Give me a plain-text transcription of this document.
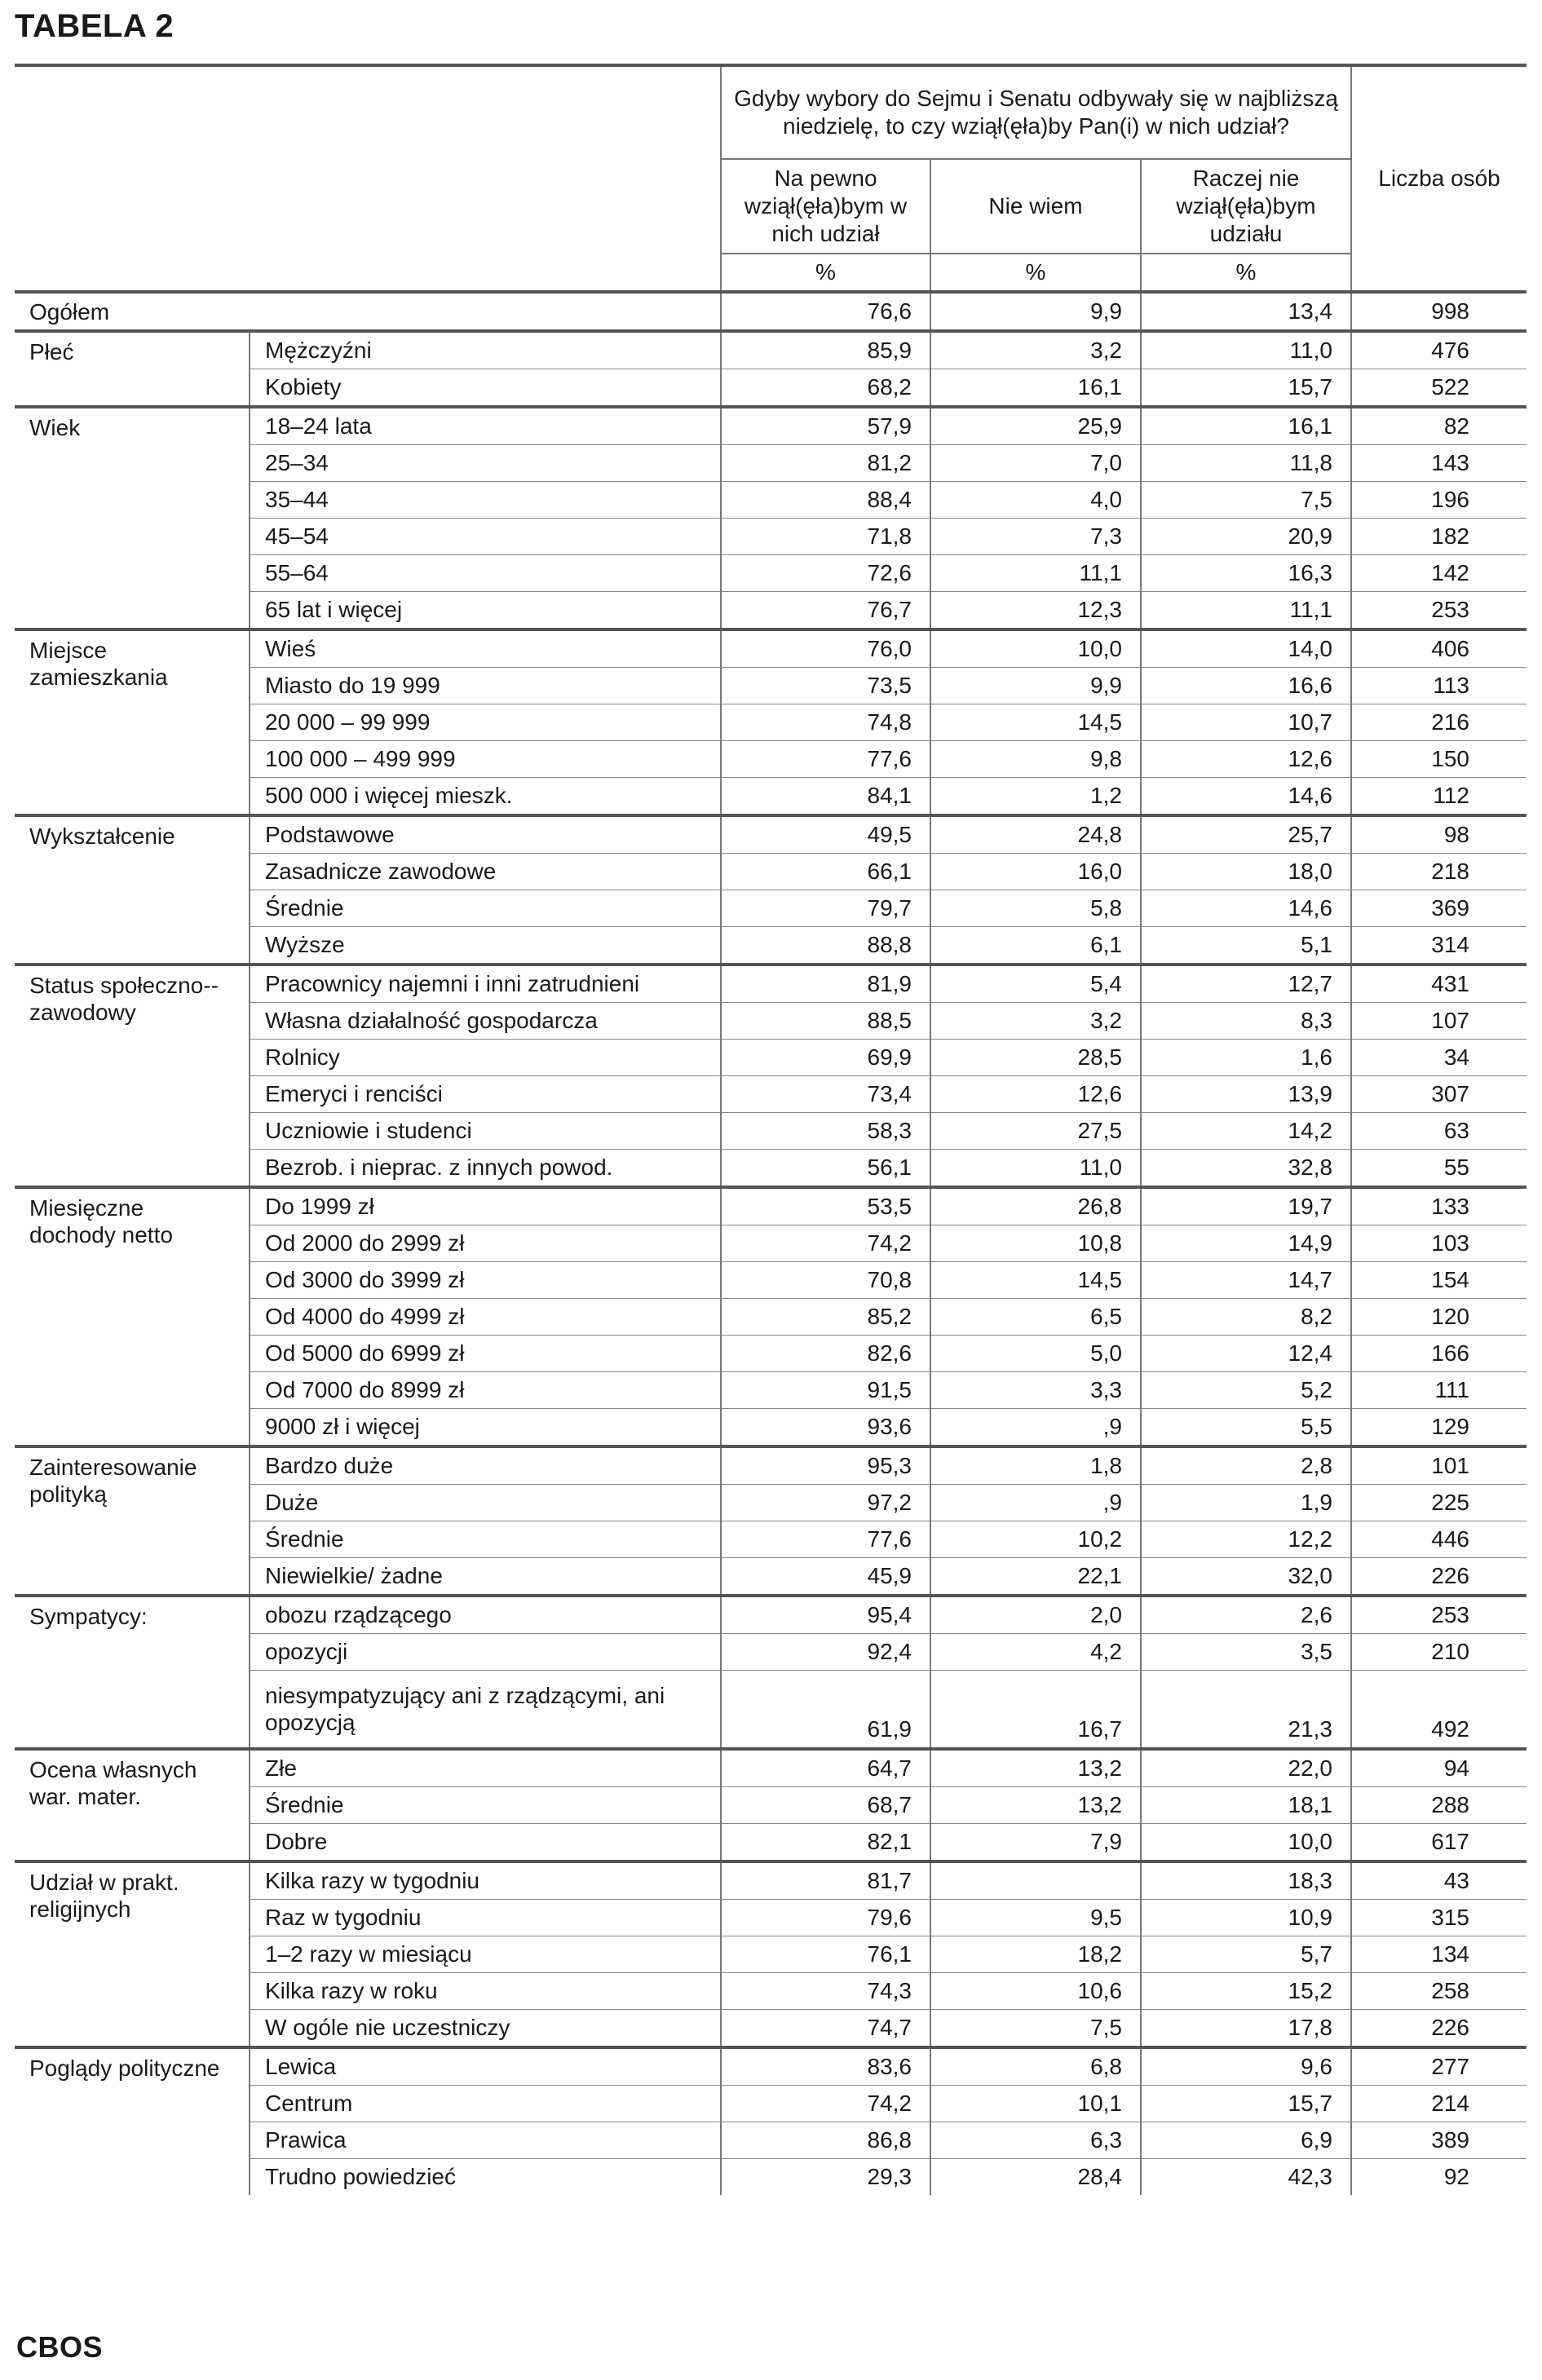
TABELA 2
		Gdyby wybory do Sejmu i Senatu odbywały się w najbliższą niedzielę, to czy wziął(ęła)by Pan(i) w nich udział?			Liczba osób
		Na pewno wziął(ęła)bym w nich udział	Nie wiem	Raczej nie wziął(ęła)bym udziału	
		%	%	%	
Ogółem		76,6	9,9	13,4	998
Płeć	Mężczyźni	85,9	3,2	11,0	476
	Kobiety	68,2	16,1	15,7	522
Wiek	18–24 lata	57,9	25,9	16,1	82
	25–34	81,2	7,0	11,8	143
	35–44	88,4	4,0	7,5	196
	45–54	71,8	7,3	20,9	182
	55–64	72,6	11,1	16,3	142
	65 lat i więcej	76,7	12,3	11,1	253
Miejsce zamieszkania	Wieś	76,0	10,0	14,0	406
	Miasto do 19 999	73,5	9,9	16,6	113
	20 000 – 99 999	74,8	14,5	10,7	216
	100 000 – 499 999	77,6	9,8	12,6	150
	500 000 i więcej mieszk.	84,1	1,2	14,6	112
Wykształcenie	Podstawowe	49,5	24,8	25,7	98
	Zasadnicze zawodowe	66,1	16,0	18,0	218
	Średnie	79,7	5,8	14,6	369
	Wyższe	88,8	6,1	5,1	314
Status społeczno--zawodowy	Pracownicy najemni i inni zatrudnieni	81,9	5,4	12,7	431
	Własna działalność gospodarcza	88,5	3,2	8,3	107
	Rolnicy	69,9	28,5	1,6	34
	Emeryci i renciści	73,4	12,6	13,9	307
	Uczniowie i studenci	58,3	27,5	14,2	63
	Bezrob. i nieprac. z innych powod.	56,1	11,0	32,8	55
Miesięczne dochody netto	Do 1999 zł	53,5	26,8	19,7	133
	Od 2000 do 2999 zł	74,2	10,8	14,9	103
	Od 3000 do 3999 zł	70,8	14,5	14,7	154
	Od 4000 do 4999 zł	85,2	6,5	8,2	120
	Od 5000 do 6999 zł	82,6	5,0	12,4	166
	Od 7000 do 8999 zł	91,5	3,3	5,2	111
	9000 zł i więcej	93,6	,9	5,5	129
Zainteresowanie polityką	Bardzo duże	95,3	1,8	2,8	101
	Duże	97,2	,9	1,9	225
	Średnie	77,6	10,2	12,2	446
	Niewielkie/ żadne	45,9	22,1	32,0	226
Sympatycy:	obozu rządzącego	95,4	2,0	2,6	253
	opozycji	92,4	4,2	3,5	210
	niesympatyzujący ani z rządzącymi, ani opozycją	61,9	16,7	21,3	492
Ocena własnych war. mater.	Złe	64,7	13,2	22,0	94
	Średnie	68,7	13,2	18,1	288
	Dobre	82,1	7,9	10,0	617
Udział w prakt. religijnych	Kilka razy w tygodniu	81,7		18,3	43
	Raz w tygodniu	79,6	9,5	10,9	315
	1–2 razy w miesiącu	76,1	18,2	5,7	134
	Kilka razy w roku	74,3	10,6	15,2	258
	W ogóle nie uczestniczy	74,7	7,5	17,8	226
Poglądy polityczne	Lewica	83,6	6,8	9,6	277
	Centrum	74,2	10,1	15,7	214
	Prawica	86,8	6,3	6,9	389
	Trudno powiedzieć	29,3	28,4	42,3	92
CBOS
